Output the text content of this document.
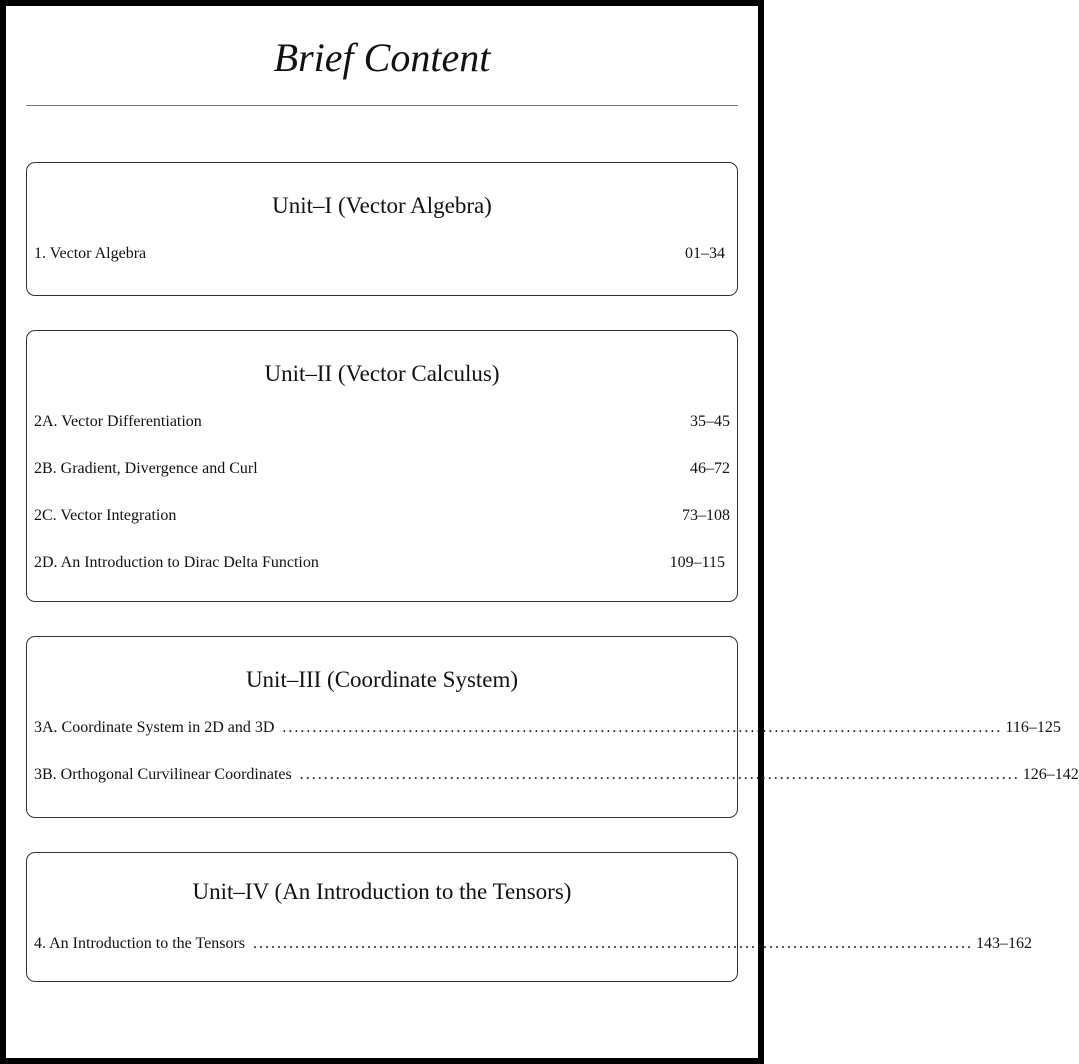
Brief Content
Unit–I (Vector Algebra)
1. Vector Algebra	01–34
Unit–II (Vector Calculus)
2A. Vector Differentiation	35–45
2B. Gradient, Divergence and Curl	46–72
2C. Vector Integration	73–108
2D. An Introduction to Dirac Delta Function	109–115
Unit–III (Coordinate System)
3A. Coordinate System in 2D and 3D ........................................................................................................................ 116–125
3B. Orthogonal Curvilinear Coordinates ........................................................................................................................ 126–142
Unit–IV (An Introduction to the Tensors)
4. An Introduction to the Tensors ........................................................................................................................ 143–162
